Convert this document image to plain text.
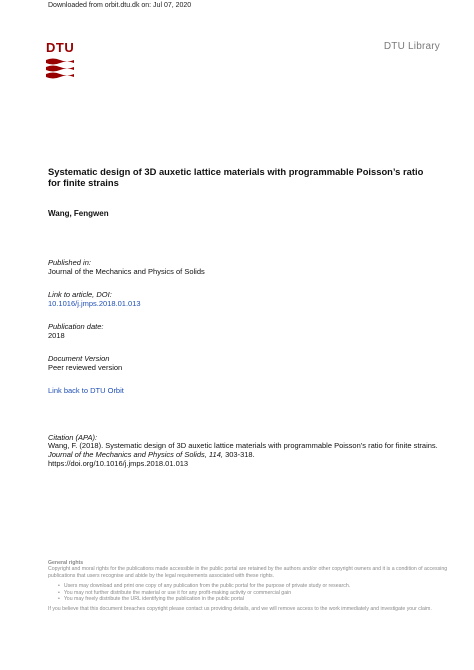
Downloaded from orbit.dtu.dk on: Jul 07, 2020
DTU	DTU Library
Systematic design of 3D auxetic lattice materials with programmable Poisson’s ratio for finite strains
Wang, Fengwen
Published in:
Journal of the Mechanics and Physics of Solids
Link to article, DOI:
10.1016/j.jmps.2018.01.013
Publication date:
2018
Document Version
Peer reviewed version
Link back to DTU Orbit
Citation (APA):
Wang, F. (2018). Systematic design of 3D auxetic lattice materials with programmable Poisson’s ratio for finite strains. Journal of the Mechanics and Physics of Solids, 114, 303-318.
https://doi.org/10.1016/j.jmps.2018.01.013

General rights

Copyright and moral rights for the publications made accessible in the public portal are retained by the authors and/or other copyright owners and it is a condition of accessing publications that users recognise and abide by the legal requirements associated with these rights.

• Users may download and print one copy of any publication from the public portal for the purpose of private study or research.
• You may not further distribute the material or use it for any profit-making activity or commercial gain
• You may freely distribute the URL identifying the publication in the public portal

If you believe that this document breaches copyright please contact us providing details, and we will remove access to the work immediately and investigate your claim.
